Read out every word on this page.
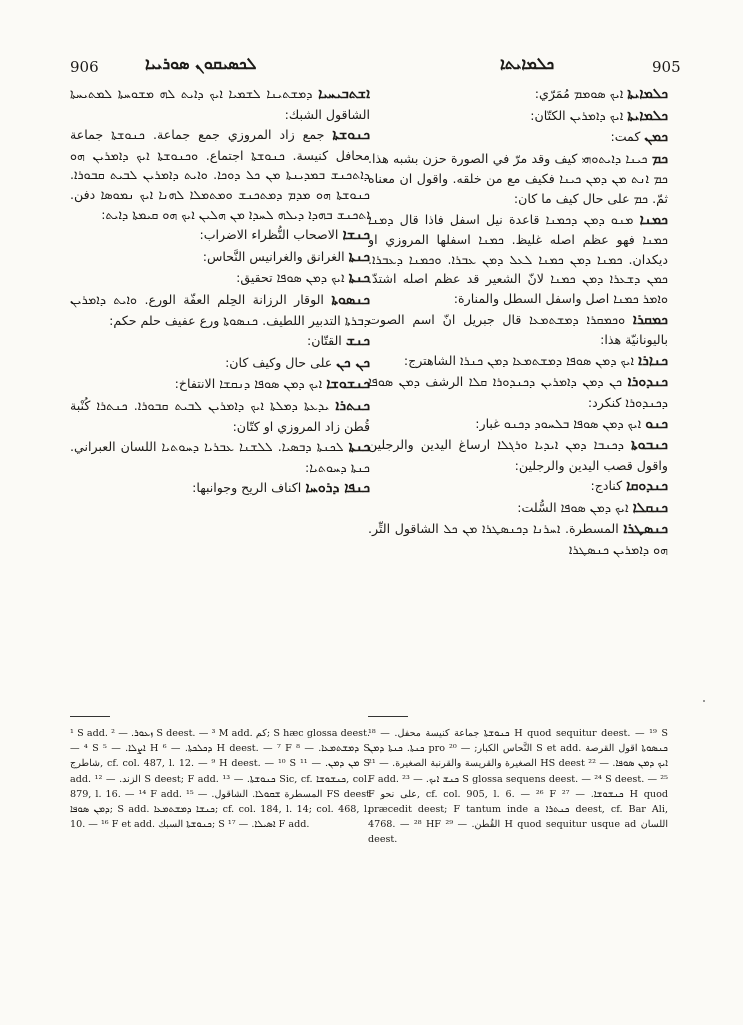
906	ܠܟܣܝܩܘܢ ܣܘܪܝܝܐ	905
ܟܠܡܐܝܬܐ

ܐܫܬܒܝܚܝܐ ܕܡܫܬܝܢܐ ܠܫܡܝܐ ܐܝܟ ܕܐܝܬ ܠܗ ܡܫܘܚܬܐ ܠܡܬܝܚܬܐ الشاقول الشبك:

ܟܢܘܫܬܐ جمع زاد المروزي جمع جماعة. ܟܢܘܫܬܐ جماعة محافل كنيسة. ܟܢܘܫܬܐ اجتماع. ܘܟܢܘܫܬܐ ܐܝܟ ܕܐܡܪܝܢ ܗܘ ܕܐܬܟܢܫ ܒܡܕܝܢܬܐ ܡܢ ܟܠ ܕܘܟܐ. ܘܐܝܬ ܕܐܡܪܝܢ ܠܒܝܬ ܩܒܘܪܐ. ܟܢܘܫܬܐ ܗܘ ܡܕܡ ܕܡܬܟܢܫ ܘܡܬܡܠܐ ܠܗܢܐ ܐܝܟ ܢܡܘܣܐ دفن. ܐܬܟܢܫ ܒܗܕܐ ܕܝܠܗ ܠܚܕܐ ܡܢ ܗܠܝܢ ܐܝܟ ܗܘ ܩܝܡܬܐ ܕܐܝܬ:

ܟܢܫܐ الاصحاب النُّظراء الاضراب:

ܟܢܬܐ الغرانق والغرانيس النَّحاس:

ܟܢܬܐ ܐܝܟ ܕܡܢ ܣܘܦܐ تحقيق:

ܟܢܣܘܬܐ الوقار الرزانة الحِلم العفّة الورع. ܘܐܝܬ ܕܐܡܪܝܢ ܕܒܪܬܐ التدبير اللطيف. ܟܢܣܘܬܐ ورع عفيف حلم حكم:

ܟܢܫ القتّان:

ܟܢ ܟܢ على حال وكيف كان:

ܟܢܫܘܫܐ ܐܝܟ ܕܡܢ ܣܘܦܐ ܕܢܩܫܐ الانتفاخ:

ܟܢܬܪܐ ܝܕܥܬܐ ܕܡܠܬܐ ܐܝܟ ܕܐܡܪܝܢ ܠܒܝܬ ܩܒܘܪܐ. ܟܢܬܪܐ كُنْبة قُطن زاد المروزي او كتّان:

ܟܢܬܐ ܠܟܢܬܐ ܕܒܣܝܐ. ܠܠܫܢܐ ܥܒܪܝܐ ܕܚܘܬܝܐ اللسان العبراني. ܟܢܬܐ ܕܚܘܬܝܐ:

ܟܢܦܐ ܕܪܘܚܐ اكناف الريح وجوانبها:

ܟܠܡܐܝܬܐ ܐܝܟ ܣܘܡܡ مُمَرّي:

ܟܠܡܐܝܬܐ ܐܝܟ ܕܐܡܪܝܢ الكتّان:

ܟܡܢ كمت:

ܟܡ ܟܝܢܐ ܕܐܝܬܘܗܝ كيف وقد مرّ في الصورة حزن بشبه هذا. ܟܡ ܐܢܬ ܡܢ ܕܡܢ ܟܝܢܐ فكيف مع من خلقه. واقول ان معناه ثمّ. ܟܡ على حال كيف ما كان:

ܟܡܢܐ ܡܢܘ ܕܡܢ ܕܟܡܢܐ قاعدة نيل اسفل فاذا قال ܕܡܢܐ ܟܡܢܐ فهو عظم اصله غليظ. ܟܡܢܐ اسفلها المروزي او ديكدان. ܟܡܢܐ ܕܡܢ ܟܡܢܐ ܠܥܠ ܕܡܢ ܥܒܪܐ. ܘܟܡܢܐ ܕܥܒܪܐ. ܟܡܢ ܕܫܥܪܐ ܕܡܢ ܟܡܢܐ لانّ الشعير قد عظم اصله اشتدّ. ܘܐܡܪ ܟܡܢܐ اصل واسفل السطل والمنارة:

ܟܡܩܪܐ ܘܟܡܩܪܐ ܕܡܫܬܡܥܐ قال جبريل انّ اسم الصوت باليونانيّة هذا:

ܟܢܐܪܐ ܐܝܟ ܕܡܢ ܣܘܦܐ ܕܡܫܬܡܥܐ ܕܡܢ ܟܢܪܐ الشاهترج:

ܟܢܕܘܪܐ ܟܢ ܕܡܢ ܕܐܡܪܝܢ ܕܟܢܕܘܪܐ ܩܠܐ الرشف ܕܡܢ ܣܘܦܐ ܕܟܢܕܘܪܐ كنكرد:

ܟܢܘ ܐܝܟ ܕܡܢ ܣܘܦܐ ܒܠܚܘܕ ܕܟܢܘ غبار:

ܟܢܒܘܬܐ ܕܟܢܒܐ ܕܡܢ ܐܝܕܝܐ ܘܪܓܠܐ ارساغ اليدين والرجلين واقول قصب اليدين والرجلين:

ܟܢܕܘܩܐ كنادج:

ܟܢܩܠܐ ܐܝܟ ܕܡܢ ܣܘܦܐ السُّلت:

ܟܢܣܛܪܐ المسطرة. ܐܚܪܢܐ ܕܟܢܣܛܪܐ ܡܢ ܟܠ الشاقول التِّر. ܗܘ ܕܐܡܪܝܢ ܟܢܣܛܪܐ

¹ S add. ܙܥܘܪ. — ² S deest. — ³ M add. كم; S hæc glossa deest. — ⁴ S ܐܨܠܐ. — ⁵ H ܕܟܠܟܬܐ. — ⁶ H deest. — ⁷ F ܕܡܫܬܡܥܐ. — ⁸ S شاطرج, cf. col. 487, l. 12. — ⁹ H deest. — ¹⁰ S ܡܢ ܕܡܢ. — ¹¹ S add. الزند. — ¹² S deest; F add. ܟܢܘܫܬܐ. — ¹³ Sic, cf. ܟܢܫܘܫܐ, col. 879, l. 16. — ¹⁴ F add. المسطرة ܫܩܘܠܐ. الشاقول. — ¹⁵ FS deest ܕܡܢ ܣܘܦܐ; S add. ܟܢܫܐ ܕܡܫܬܡܥܐ; cf. col. 184, l. 14; col. 468, l. 10. — ¹⁶ F et add. ܟܢܘܫܬܐ السبك; S ܐܣܝܠܐ. — ¹⁷ F add.

ܟܢܘܫܬܐ جماعة كنيسة محفل. — ¹⁸ H quod sequitur deest. — ¹⁹ S ܟܢܬܐ. ܟܢܬܐ ܕܡܢ pro النَّحاس الكبار; — ²⁰ S et add. ܟܢܣܘܬܐ اقول القرصة الصغيرة والقريسة والقرنبة الصغيرة. — ²¹ HS deest ܐܝܟ ܕܡܢ ܣܘܦܐ. — ²² F add. ܟܢܫ ܐܝܟ. — ²³ S glossa sequens deest. — ²⁴ S deest. — ²⁵ F على نحو, cf. col. 905, l. 6. — ²⁶ F ܟܢܫܘܫܐ. — ²⁷ H quod præcedit deest; F tantum inde a ܟܢܬܪܐ deest, cf. Bar Ali, 4768. — ²⁸ HF القُطن. — ²⁹ H quod sequitur usque ad اللسان deest.
